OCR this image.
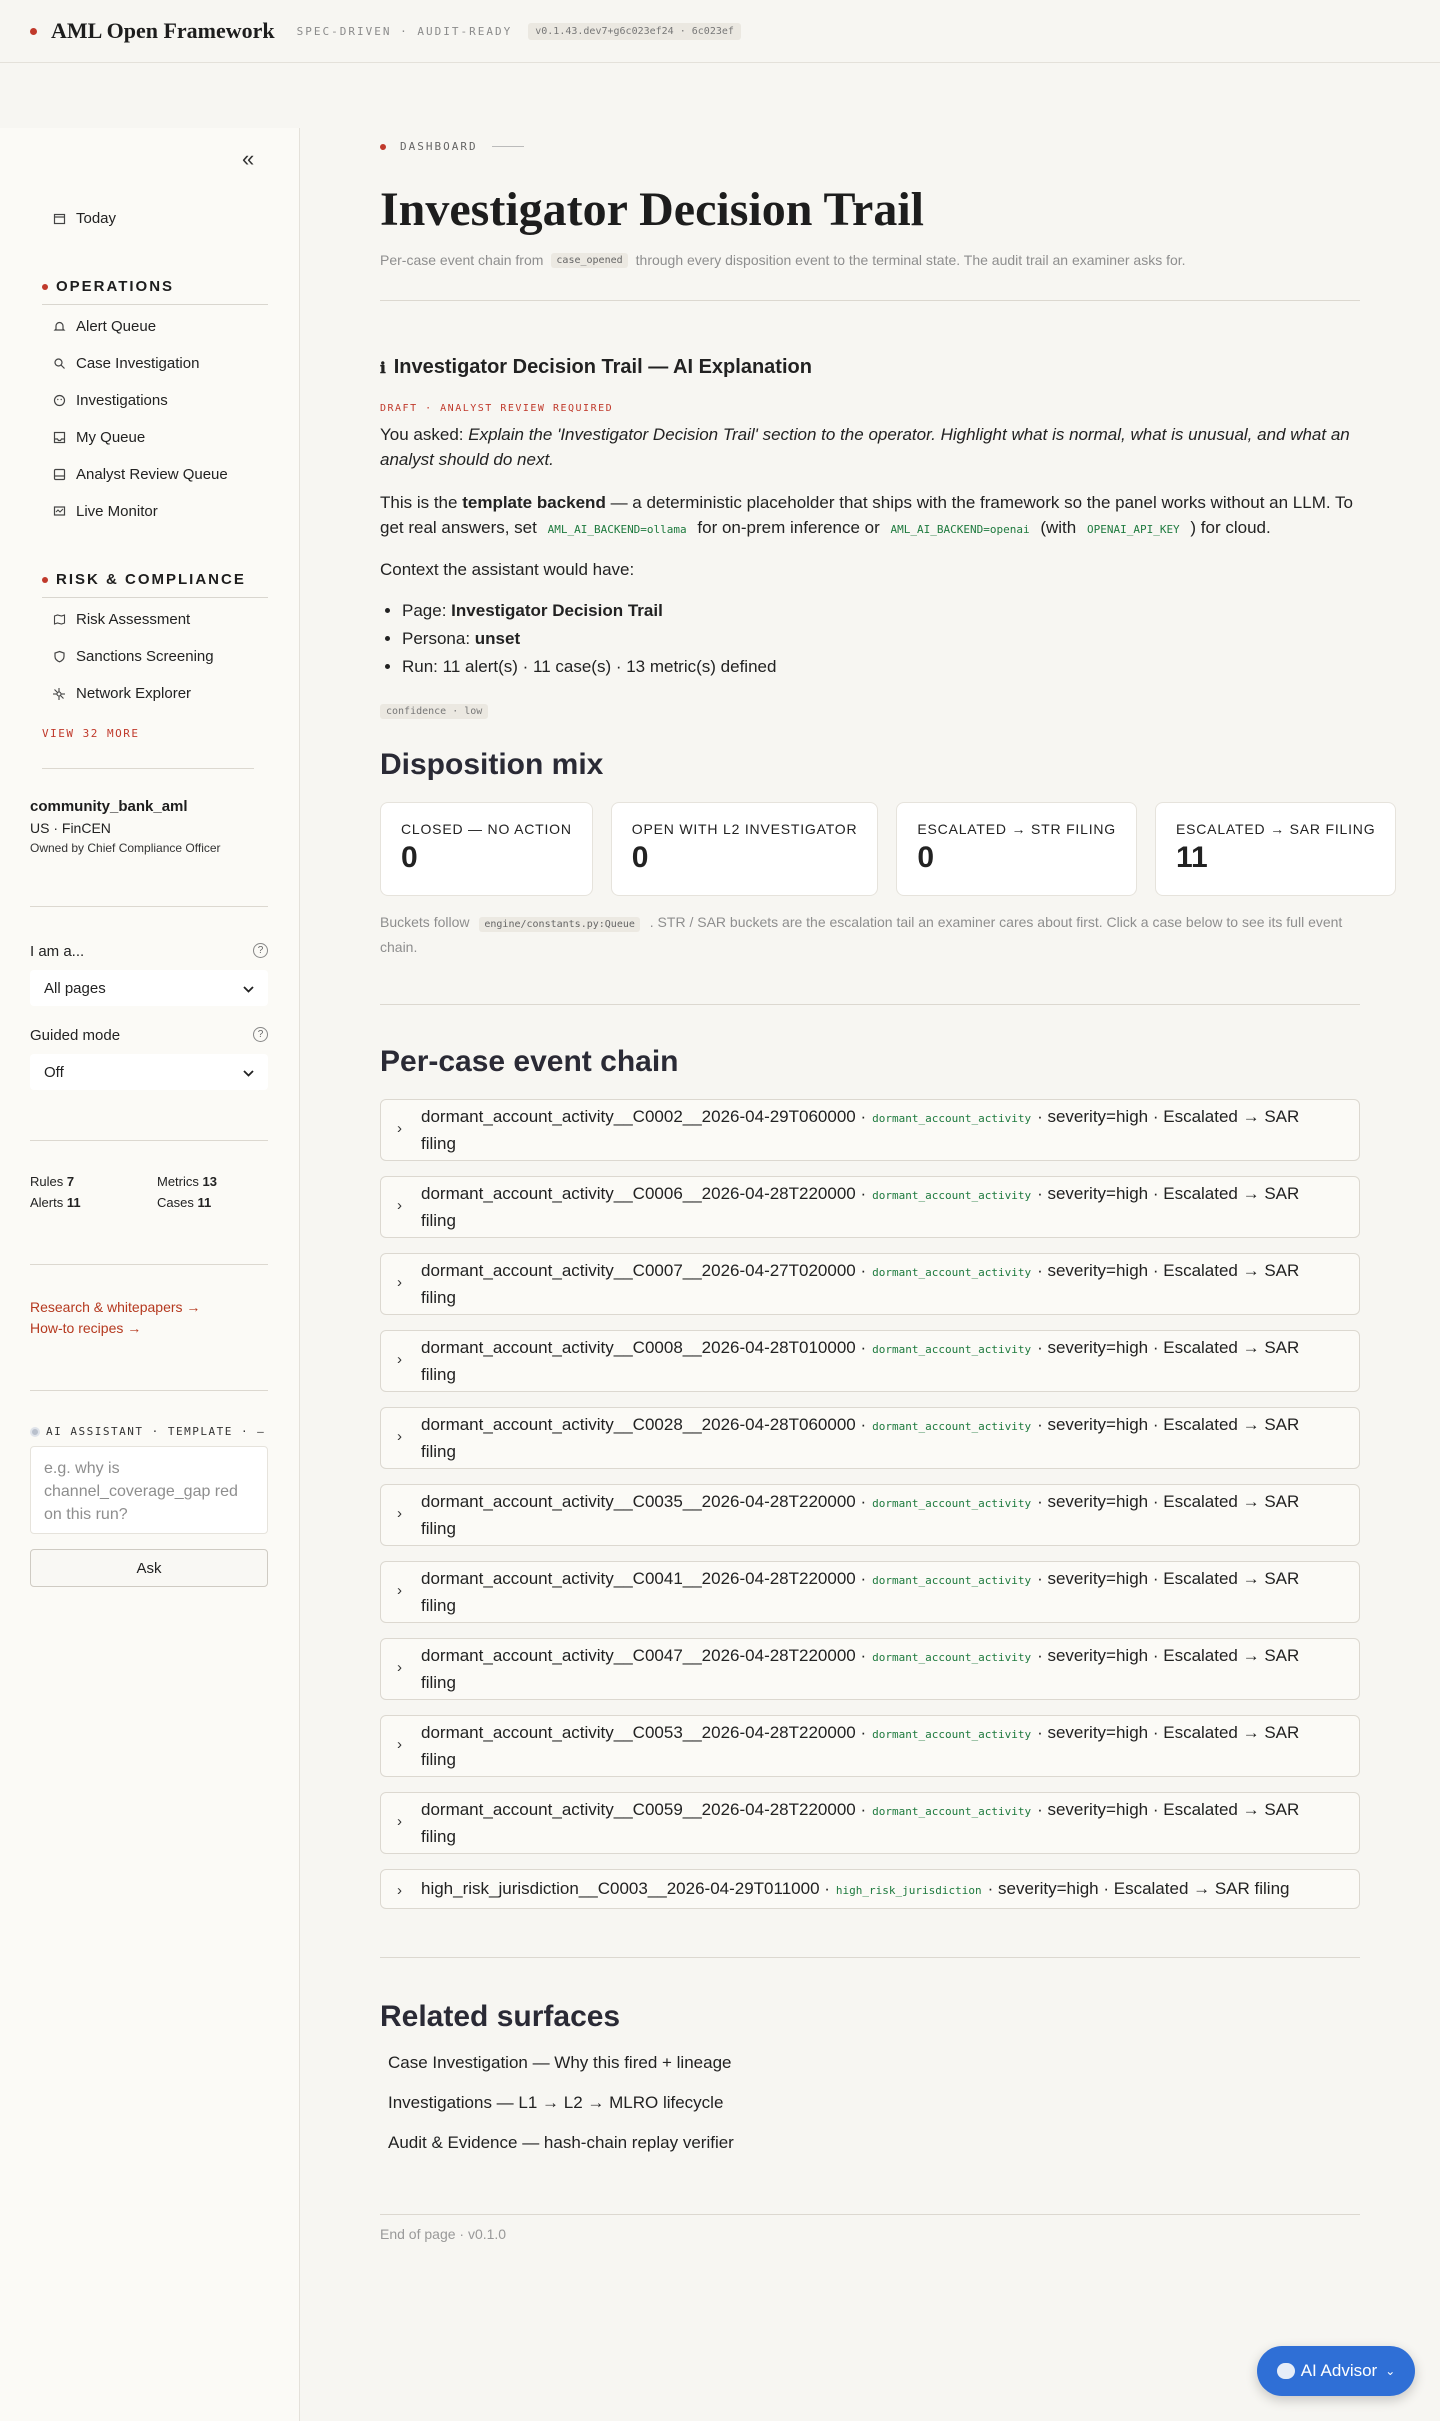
AML Open Framework SPEC-DRIVEN · AUDIT-READY	v0.1.43.dev7+g6c023ef24 · 6c023ef
«
Today
OPERATIONS
Alert Queue
Case Investigation
Investigations
My Queue
Analyst Review Queue
Live Monitor
RISK & COMPLIANCE
Risk Assessment
Sanctions Screening
Network Explorer
VIEW 32 MORE
community_bank_aml
US · FinCEN
Owned by Chief Compliance Officer
I am a...	?
All pages
Guided mode	?
Off
Rules 7	Metrics 13
Alerts 11	Cases 11
Research & whitepapers →
How-to recipes →
AI ASSISTANT · TEMPLATE · —
e.g. why is channel_coverage_gap red on this run?
Ask
DASHBOARD
Investigator Decision Trail
Per-case event chain from	case_opened through every disposition event to the terminal state. The audit trail an examiner asks for.
ℹ Investigator Decision Trail — AI Explanation
DRAFT · ANALYST REVIEW REQUIRED
You asked: Explain the 'Investigator Decision Trail' section to the operator. Highlight what is normal, what is unusual, and what an analyst should do next.
This is the template backend — a deterministic placeholder that ships with the framework so the panel works without an LLM. To get real answers, set AML_AI_BACKEND=ollama for on-prem inference or AML_AI_BACKEND=openai (with OPENAI_API_KEY ) for cloud.
Context the assistant would have:
• Page: Investigator Decision Trail
• Persona: unset
• Run: 11 alert(s) · 11 case(s) · 13 metric(s) defined
confidence · low
Disposition mix
CLOSED — NO ACTION
0
OPEN WITH L2 INVESTIGATOR
0
ESCALATED → STR FILING
0
ESCALATED → SAR FILING
11
Buckets follow engine/constants.py:Queue . STR / SAR buckets are the escalation tail an examiner cares about first. Click a case below to see its full event chain.
Per-case event chain
›
dormant_account_activity__C0002__2026-04-29T060000 · dormant_account_activity · severity=high · Escalated → SAR filing
›
dormant_account_activity__C0006__2026-04-28T220000 · dormant_account_activity · severity=high · Escalated → SAR filing
›
dormant_account_activity__C0007__2026-04-27T020000 · dormant_account_activity · severity=high · Escalated → SAR filing
›
dormant_account_activity__C0008__2026-04-28T010000 · dormant_account_activity · severity=high · Escalated → SAR filing
›
dormant_account_activity__C0028__2026-04-28T060000 · dormant_account_activity · severity=high · Escalated → SAR filing
›
dormant_account_activity__C0035__2026-04-28T220000 · dormant_account_activity · severity=high · Escalated → SAR filing
›
dormant_account_activity__C0041__2026-04-28T220000 · dormant_account_activity · severity=high · Escalated → SAR filing
›
dormant_account_activity__C0047__2026-04-28T220000 · dormant_account_activity · severity=high · Escalated → SAR filing
›
dormant_account_activity__C0053__2026-04-28T220000 · dormant_account_activity · severity=high · Escalated → SAR filing
›
dormant_account_activity__C0059__2026-04-28T220000 · dormant_account_activity · severity=high · Escalated → SAR filing
› high_risk_jurisdiction__C0003__2026-04-29T011000 · high_risk_jurisdiction · severity=high · Escalated → SAR filing
Related surfaces
Case Investigation — Why this fired + lineage
Investigations — L1 → L2 → MLRO lifecycle
Audit & Evidence — hash-chain replay verifier
End of page · v0.1.0
AI Advisor ⌄
